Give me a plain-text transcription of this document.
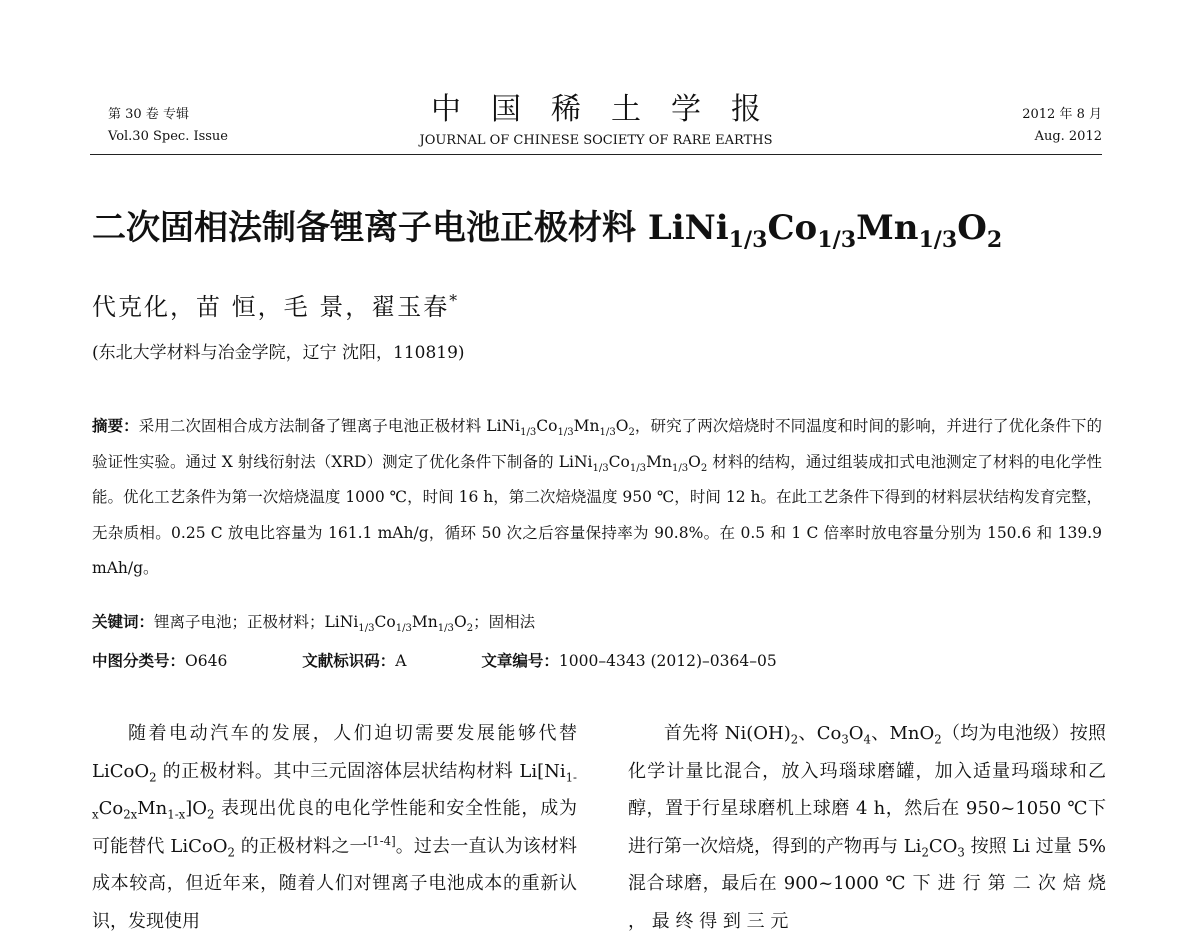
第 30 卷 专辑
Vol.30 Spec. Issue
中国稀土学报
JOURNAL OF CHINESE SOCIETY OF RARE EARTHS
2012 年 8 月
Aug. 2012
二次固相法制备锂离子电池正极材料 $LiNi_{1/3}Co_{1/3}Mn_{1/3}O_2$
代克化，苗 恒，毛 景，翟玉春*
(东北大学材料与冶金学院，辽宁 沈阳，110819)
摘要：采用二次固相合成方法制备了锂离子电池正极材料 $LiNi_{1/3}Co_{1/3}Mn_{1/3}O_2$，研究了两次焙烧时不同温度和时间的影响，并进行了优化条件下的验证性实验。通过 X 射线衍射法（XRD）测定了优化条件下制备的 $LiNi_{1/3}Co_{1/3}Mn_{1/3}O_2$ 材料的结构，通过组装成扣式电池测定了材料的电化学性能。优化工艺条件为第一次焙烧温度 1000 ℃，时间 16 h，第二次焙烧温度 950 ℃，时间 12 h。在此工艺条件下得到的材料层状结构发育完整，无杂质相。0.25 C 放电比容量为 161.1 mAh/g，循环 50 次之后容量保持率为 90.8%。在 0.5 和 1 C 倍率时放电容量分别为 150.6 和 139.9 mAh/g。
关键词：锂离子电池；正极材料；$LiNi_{1/3}Co_{1/3}Mn_{1/3}O_2$；固相法
中图分类号：O646	文献标识码：A	文章编号：1000–4343 (2012)–0364–05

随着电动汽车的发展，人们迫切需要发展能够代替 LiCoO$_2$ 的正极材料。其中三元固溶体层状结构材料 $Li[Ni_{1-x}Co_{2x}Mn_{1-x}]O_2$ 表现出优良的电化学性能和安全性能，成为可能替代 LiCoO$_2$ 的正极材料之一[1-4]。过去一直认为该材料成本较高，但近年来，随着人们对锂离子电池成本的重新认识，发现使用

首先将 $Ni(OH)_2$、$Co_3O_4$、MnO$_2$（均为电池级）按照化学计量比混合，放入玛瑙球磨罐，加入适量玛瑙球和乙醇，置于行星球磨机上球磨 4 h，然后在 950~1050 ℃下进行第一次焙烧，得到的产物再与 $Li_2CO_3$ 按照 Li 过量 5%混合球磨，最后在 900~1000 ℃ 下 进 行 第 二 次 焙 烧 ， 最 终 得 到 三 元
